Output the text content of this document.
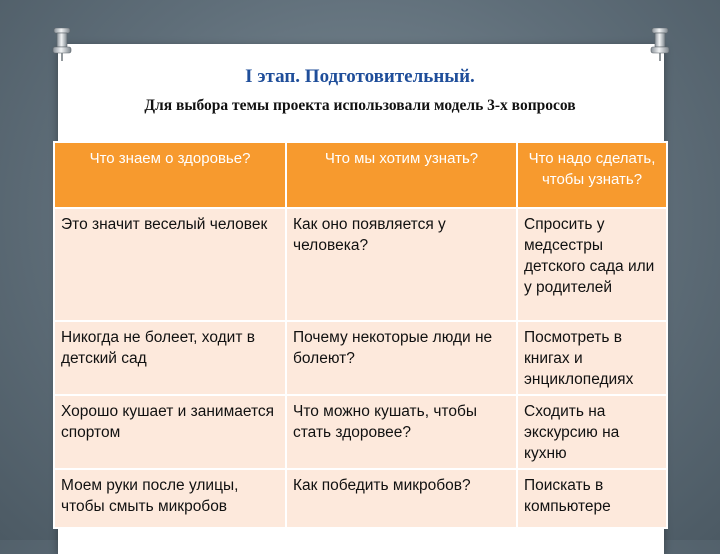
I этап. Подготовительный.
Для выбора темы проекта использовали модель 3-х вопросов
Что знаем о здоровье?	Что мы хотим узнать?	Что надо сделать, чтобы узнать?
Это значит веселый человек	Как оно появляется у человека?	Спросить у медсестры детского сада или у родителей
Никогда не болеет, ходит в детский сад	Почему некоторые люди не болеют?	Посмотреть в книгах и энциклопедиях
Хорошо кушает и занимается спортом	Что можно кушать, чтобы стать здоровее?	Сходить на экскурсию на кухню
Моем руки после улицы, чтобы смыть микробов	Как победить микробов?	Поискать в компьютере
